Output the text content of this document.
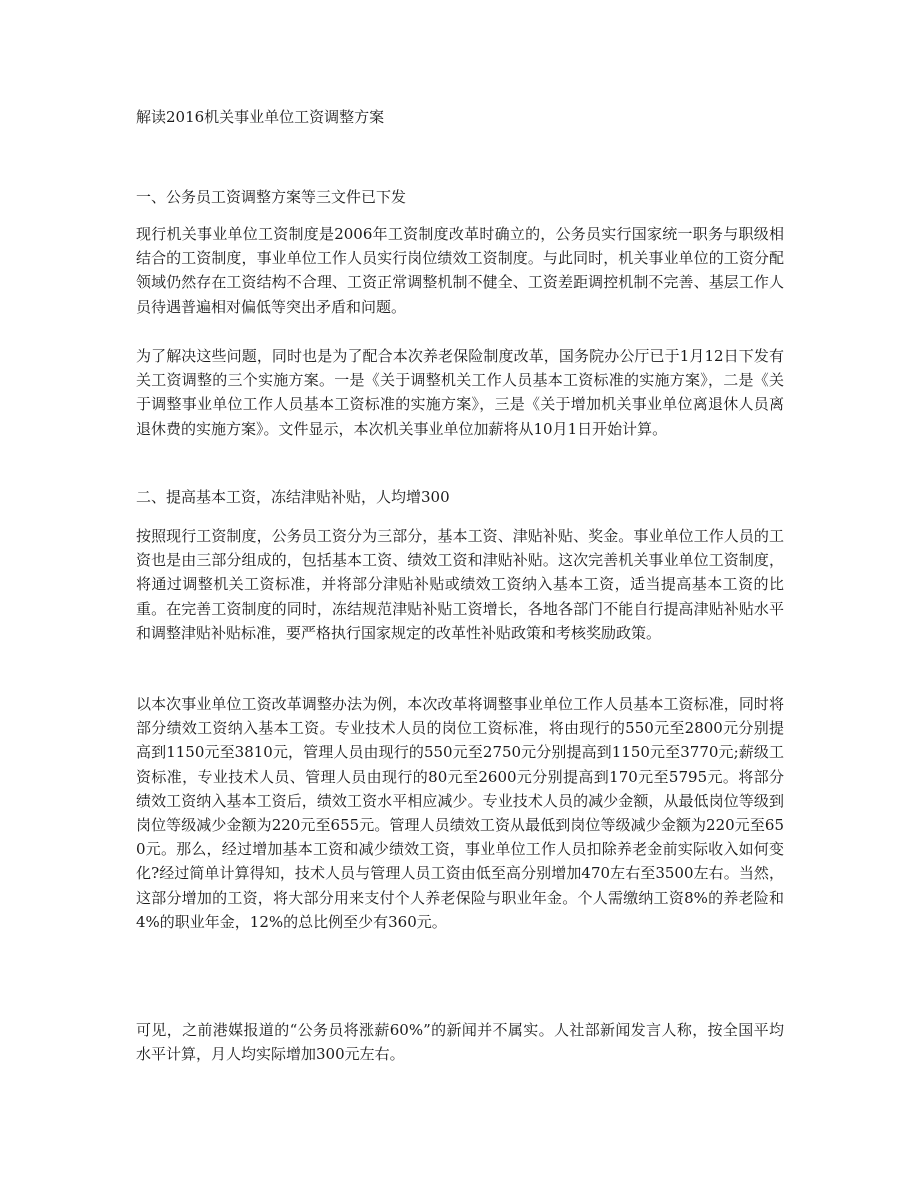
解读2016机关事业单位工资调整方案
一、公务员工资调整方案等三文件已下发

现行机关事业单位工资制度是2006年工资制度改革时确立的，公务员实行国家统一职务与职级相结合的工资制度，事业单位工作人员实行岗位绩效工资制度。与此同时，机关事业单位的工资分配领域仍然存在工资结构不合理、工资正常调整机制不健全、工资差距调控机制不完善、基层工作人员待遇普遍相对偏低等突出矛盾和问题。

为了解决这些问题，同时也是为了配合本次养老保险制度改革，国务院办公厅已于1月12日下发有关工资调整的三个实施方案。一是《关于调整机关工作人员基本工资标准的实施方案》，二是《关于调整事业单位工作人员基本工资标准的实施方案》，三是《关于增加机关事业单位离退休人员离退休费的实施方案》。文件显示，本次机关事业单位加薪将从10月1日开始计算。

二、提高基本工资，冻结津贴补贴，人均增300

按照现行工资制度，公务员工资分为三部分，基本工资、津贴补贴、奖金。事业单位工作人员的工资也是由三部分组成的，包括基本工资、绩效工资和津贴补贴。这次完善机关事业单位工资制度，将通过调整机关工资标准，并将部分津贴补贴或绩效工资纳入基本工资，适当提高基本工资的比重。在完善工资制度的同时，冻结规范津贴补贴工资增长，各地各部门不能自行提高津贴补贴水平和调整津贴补贴标准，要严格执行国家规定的改革性补贴政策和考核奖励政策。

以本次事业单位工资改革调整办法为例，本次改革将调整事业单位工作人员基本工资标准，同时将部分绩效工资纳入基本工资。专业技术人员的岗位工资标准，将由现行的550元至2800元分别提高到1150元至3810元，管理人员由现行的550元至2750元分别提高到1150元至3770元;薪级工资标准，专业技术人员、管理人员由现行的80元至2600元分别提高到170元至5795元。将部分绩效工资纳入基本工资后，绩效工资水平相应减少。专业技术人员的减少金额，从最低岗位等级到岗位等级减少金额为220元至655元。管理人员绩效工资从最低到岗位等级减少金额为220元至650元。那么，经过增加基本工资和减少绩效工资，事业单位工作人员扣除养老金前实际收入如何变化?经过简单计算得知，技术人员与管理人员工资由低至高分别增加470左右至3500左右。当然，这部分增加的工资，将大部分用来支付个人养老保险与职业年金。个人需缴纳工资8%的养老险和4%的职业年金，12%的总比例至少有360元。

可见，之前港媒报道的“公务员将涨薪60%”的新闻并不属实。人社部新闻发言人称，按全国平均水平计算，月人均实际增加300元左右。
